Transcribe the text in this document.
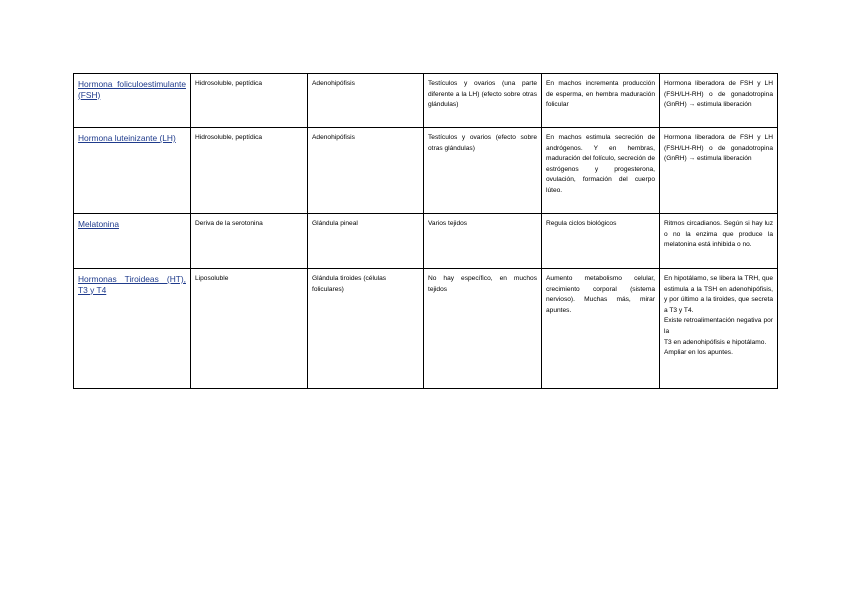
Hormona foliculoestimulante (FSH)	Hidrosoluble, peptídica	Adenohipófisis	Testículos y ovarios (una parte diferente a la LH) (efecto sobre otras glándulas)	En machos incrementa producción de esperma, en hembra maduración folicular	Hormona liberadora de FSH y LH (FSH/LH-RH) o de gonadotropina (GnRH) → estimula liberación

Hormona luteinizante (LH)	Hidrosoluble, peptídica	Adenohipófisis	Testículos y ovarios (efecto sobre otras glándulas)	En machos estimula secreción de andrógenos. Y en hembras, maduración del folículo, secreción de estrógenos y progesterona, ovulación, formación del cuerpo lúteo.	Hormona liberadora de FSH y LH (FSH/LH-RH) o de gonadotropina (GnRH) → estimula liberación

Melatonina	Deriva de la serotonina	Glándula pineal	Varios tejidos	Regula ciclos biológicos	Ritmos circadianos. Según si hay luz o no la enzima que produce la melatonina está inhibida o no.

Hormonas Tiroideas (HT), T3 y T4	Liposoluble	Glándula tiroides (células foliculares)	No hay específico, en muchos tejidos	Aumento metabolismo celular, crecimiento corporal (sistema nervioso). Muchas más, mirar apuntes.	En hipotálamo, se libera la TRH, que estimula a la TSH en adenohipófisis, y por último a la tiroides, que secreta a T3 y T4.
Existe retroalimentación negativa por la
T3 en adenohipófisis e hipotálamo.
Ampliar en los apuntes.
